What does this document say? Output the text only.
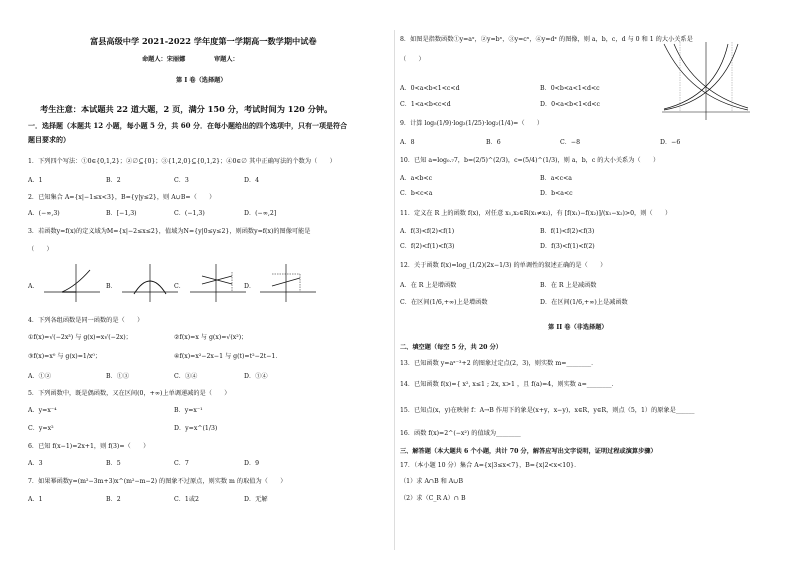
富县高级中学 2021-2022 学年度第一学期高一数学期中试卷
命题人：宋丽娜	审题人：
第 I 卷（选择题）
考生注意：本试题共 22 道大题，2 页，满分 150 分，考试时间为 120 分钟。
一．选择题（本题共 12 小题，每小题 5 分，共 60 分．在每小题给出的四个选项中，只有一项是符合
题目要求的）
1．下列四个写法：①0∈{0,1,2}；②∅⊆{0}；③{1,2,0}⊆{0,1,2}；④0∈∅ 其中正确写法的个数为（　　）
A．1	B．2	C．3	D．4
2．已知集合 A={x|−1≤x<3}，B={y|y≤2}，则 A∪B=（　　）
A．(−∞,3)	B．[−1,3)	C．(−1,3)	D．(−∞,2]
3．若函数y=f(x)的定义域为M={x|−2≤x≤2}，值域为N={y|0≤y≤2}，则函数y=f(x)的图像可能是
（　　）
A．	B．	C．	D．
4．下列各组函数是同一函数的是（　　）
①f(x)=√(−2x³) 与 g(x)=x√(−2x)；	②f(x)=x 与 g(x)=√(x²)；
③f(x)=x⁰ 与 g(x)=1/x⁰；	④f(x)=x²−2x−1 与 g(t)=t²−2t−1．
A．①②	B．①③	C．③④	D．①④
5．下列函数中，既是偶函数，又在区间(0，+∞)上单调递减的是（　　）
A．y=x⁻⁴	B．y=x⁻¹
C．y=x²	D．y=x^(1/3)
6．已知 f(x−1)=2x+1，则 f(3)=（　　）
A．3	B．5	C．7	D．9
7．如果幂函数y=(m²−3m+3)x^(m²−m−2) 的图象不过原点，则实数 m 的取值为（　　）
A．1	B．2	C．1或2	D．无解
8．如图是指数函数①y=aˣ，②y=bˣ，③y=cˣ，④y=dˣ 的图像，则 a，b，c，d 与 0 和 1 的大小关系是
（　　）
A．0<a<b<1<c<d	B．0<b<a<1<d<c
C．1<a<b<c<d	D．0<a<b<1<d<c
9．计算 log₅(1/9)·log₃(1/25)·log₂(1/4)=（　　）
A．8	B．6	C．−8	D．−6
10．已知 a=log₀.₇7，b=(2/5)^(2/3)，c=(5/4)^(1/3)，则 a，b，c 的大小关系为（　　）
A．a<b<c	B．a<c<a
C．b<c<a	D．b<a<c
11．定义在 R 上的函数 f(x)，对任意 x₁,x₂∈R(x₁≠x₂)，有 [f(x₁)−f(x₂)]/(x₁−x₂)>0，则（　　）
A．f(3)<f(2)<f(1)	B．f(1)<f(2)<f(3)
C．f(2)<f(1)<f(3)	D．f(3)<f(1)<f(2)
12．关于函数 f(x)=log_(1/2)(2x−1/3) 的单调性的叙述正确的是（　　）
A．在 R 上是增函数	B．在 R 上是减函数
C．在区间(1/6,+∞)上是增函数	D．在区间(1/6,+∞)上是减函数
第 II 卷（非选择题）
二、填空题（每空 5 分，共 20 分）
13．已知函数 y=aˣ⁻³+2 的图象过定点(2，3)，则实数 m=________．
14．已知函数 f(x)={ x², x≤1 ; 2x, x>1 ，且 f(a)=4，则实数 a=________．
15．已知点(x，y)在映射 f：A→B 作用下的象是(x+y，x−y)，x∈R，y∈R，则点（5，1）的原象是______
16．函数 f(x)=2^(−x²) 的值域为________
三、解答题（本大题共 6 个小题，共计 70 分，解答应写出文字说明，证明过程或演算步骤）
17．（本小题 10 分）集合 A={x|3≤x<7}，B={x|2<x<10}．
（1）求 A∩B 和 A∪B
（2）求（C_R A）∩ B
